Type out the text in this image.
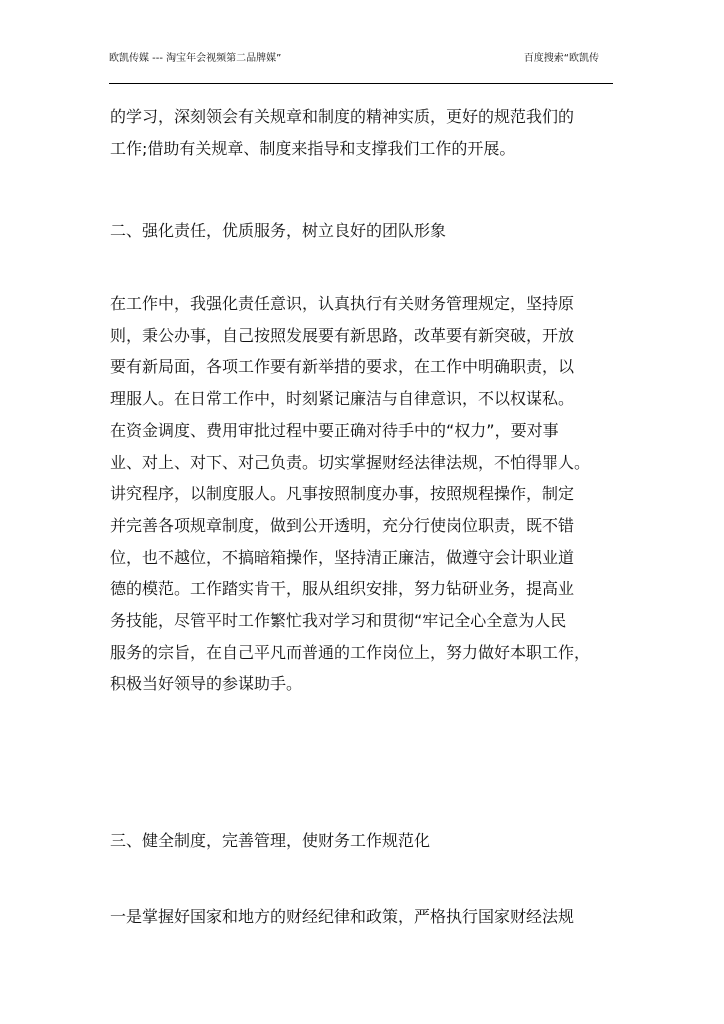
欧凯传媒 --- 淘宝年会视频第二品牌媒”	百度搜索“欧凯传
的学习，深刻领会有关规章和制度的精神实质，更好的规范我们的
工作;借助有关规章、制度来指导和支撑我们工作的开展。
二、强化责任，优质服务，树立良好的团队形象
在工作中，我强化责任意识，认真执行有关财务管理规定，坚持原
则，秉公办事，自己按照发展要有新思路，改革要有新突破，开放
要有新局面，各项工作要有新举措的要求，在工作中明确职责，以
理服人。在日常工作中，时刻紧记廉洁与自律意识，不以权谋私。
在资金调度、费用审批过程中要正确对待手中的“权力”，要对事
业、对上、对下、对己负责。切实掌握财经法律法规，不怕得罪人。
讲究程序，以制度服人。凡事按照制度办事，按照规程操作，制定
并完善各项规章制度，做到公开透明，充分行使岗位职责，既不错
位，也不越位，不搞暗箱操作，坚持清正廉洁，做遵守会计职业道
德的模范。工作踏实肯干，服从组织安排，努力钻研业务，提高业
务技能，尽管平时工作繁忙我对学习和贯彻“牢记全心全意为人民
服务的宗旨，在自己平凡而普通的工作岗位上，努力做好本职工作，
积极当好领导的参谋助手。
三、健全制度，完善管理，使财务工作规范化
一是掌握好国家和地方的财经纪律和政策，严格执行国家财经法规
